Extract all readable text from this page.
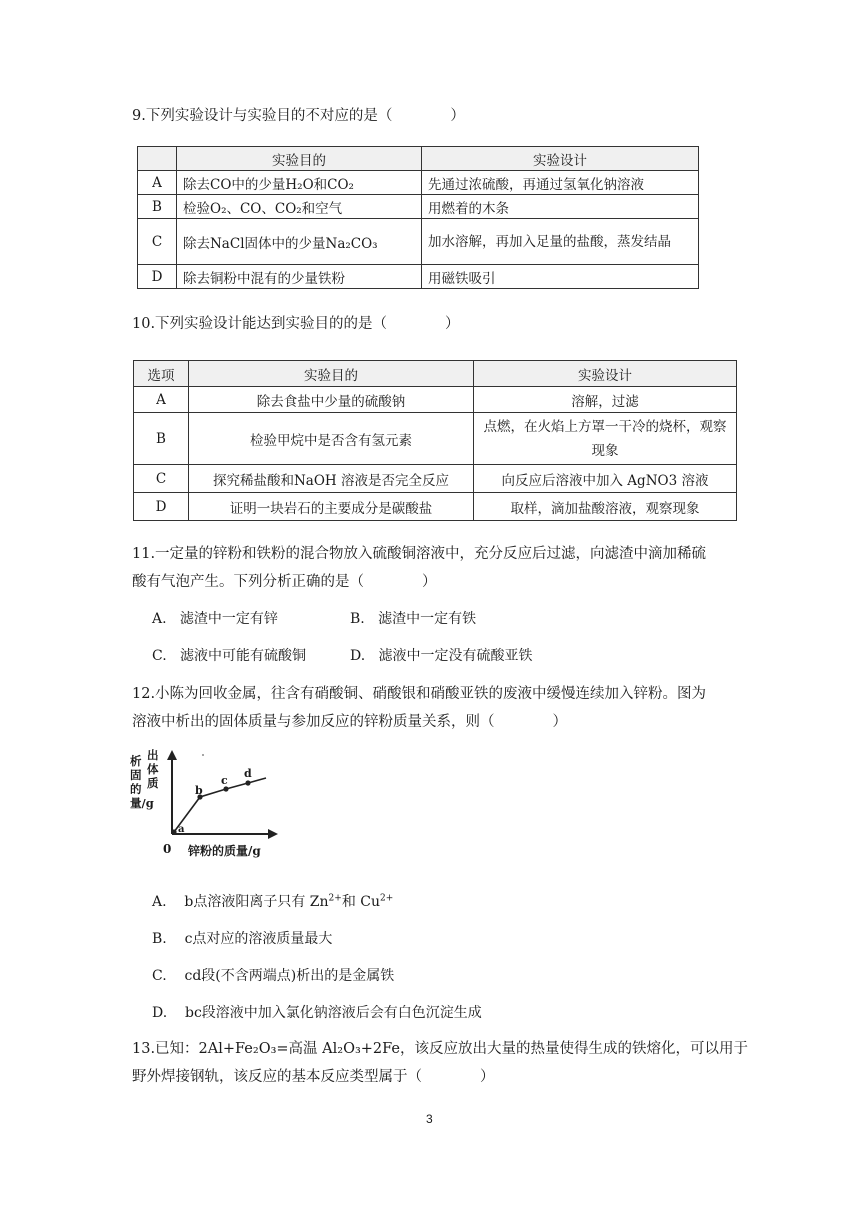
9.下列实验设计与实验目的不对应的是（　　　　）
	实验目的	实验设计
A	除去CO中的少量H₂O和CO₂	先通过浓硫酸，再通过氢氧化钠溶液
B	检验O₂、CO、CO₂和空气	用燃着的木条
C	除去NaCl固体中的少量Na₂CO₃	加水溶解，再加入足量的盐酸，蒸发结晶
D	除去铜粉中混有的少量铁粉	用磁铁吸引
10.下列实验设计能达到实验目的的是（　　　　）
选项	实验目的	实验设计
A	除去食盐中少量的硫酸钠	溶解，过滤
B	检验甲烷中是否含有氢元素	点燃，在火焰上方罩一干冷的烧杯，观察现象
C	探究稀盐酸和NaOH 溶液是否完全反应	向反应后溶液中加入 AgNO3 溶液
D	证明一块岩石的主要成分是碳酸盐	取样，滴加盐酸溶液，观察现象
11.一定量的锌粉和铁粉的混合物放入硫酸铜溶液中，充分反应后过滤，向滤渣中滴加稀硫
酸有气泡产生。下列分析正确的是（　　　　）
A. 滤渣中一定有锌	B. 滤渣中一定有铁
C. 滤液中可能有硫酸铜	D. 滤液中一定没有硫酸亚铁
12.小陈为回收金属，往含有硝酸铜、硝酸银和硝酸亚铁的废液中缓慢连续加入锌粉。图为
溶液中析出的固体质量与参加反应的锌粉质量关系，则（　　　　）
析
固
的
量/g
出
体
质
a
b
c
d
0 锌粉的质量/g
A. b点溶液阳离子只有 $Zn^{2+}$和 $Cu^{2+}$
B. c点对应的溶液质量最大
C. cd段(不含两端点)析出的是金属铁
D. bc段溶液中加入氯化钠溶液后会有白色沉淀生成
13.已知：2Al+Fe₂O₃=高温 Al₂O₃+2Fe，该反应放出大量的热量使得生成的铁熔化，可以用于
野外焊接钢轨，该反应的基本反应类型属于（　　　　）
3
